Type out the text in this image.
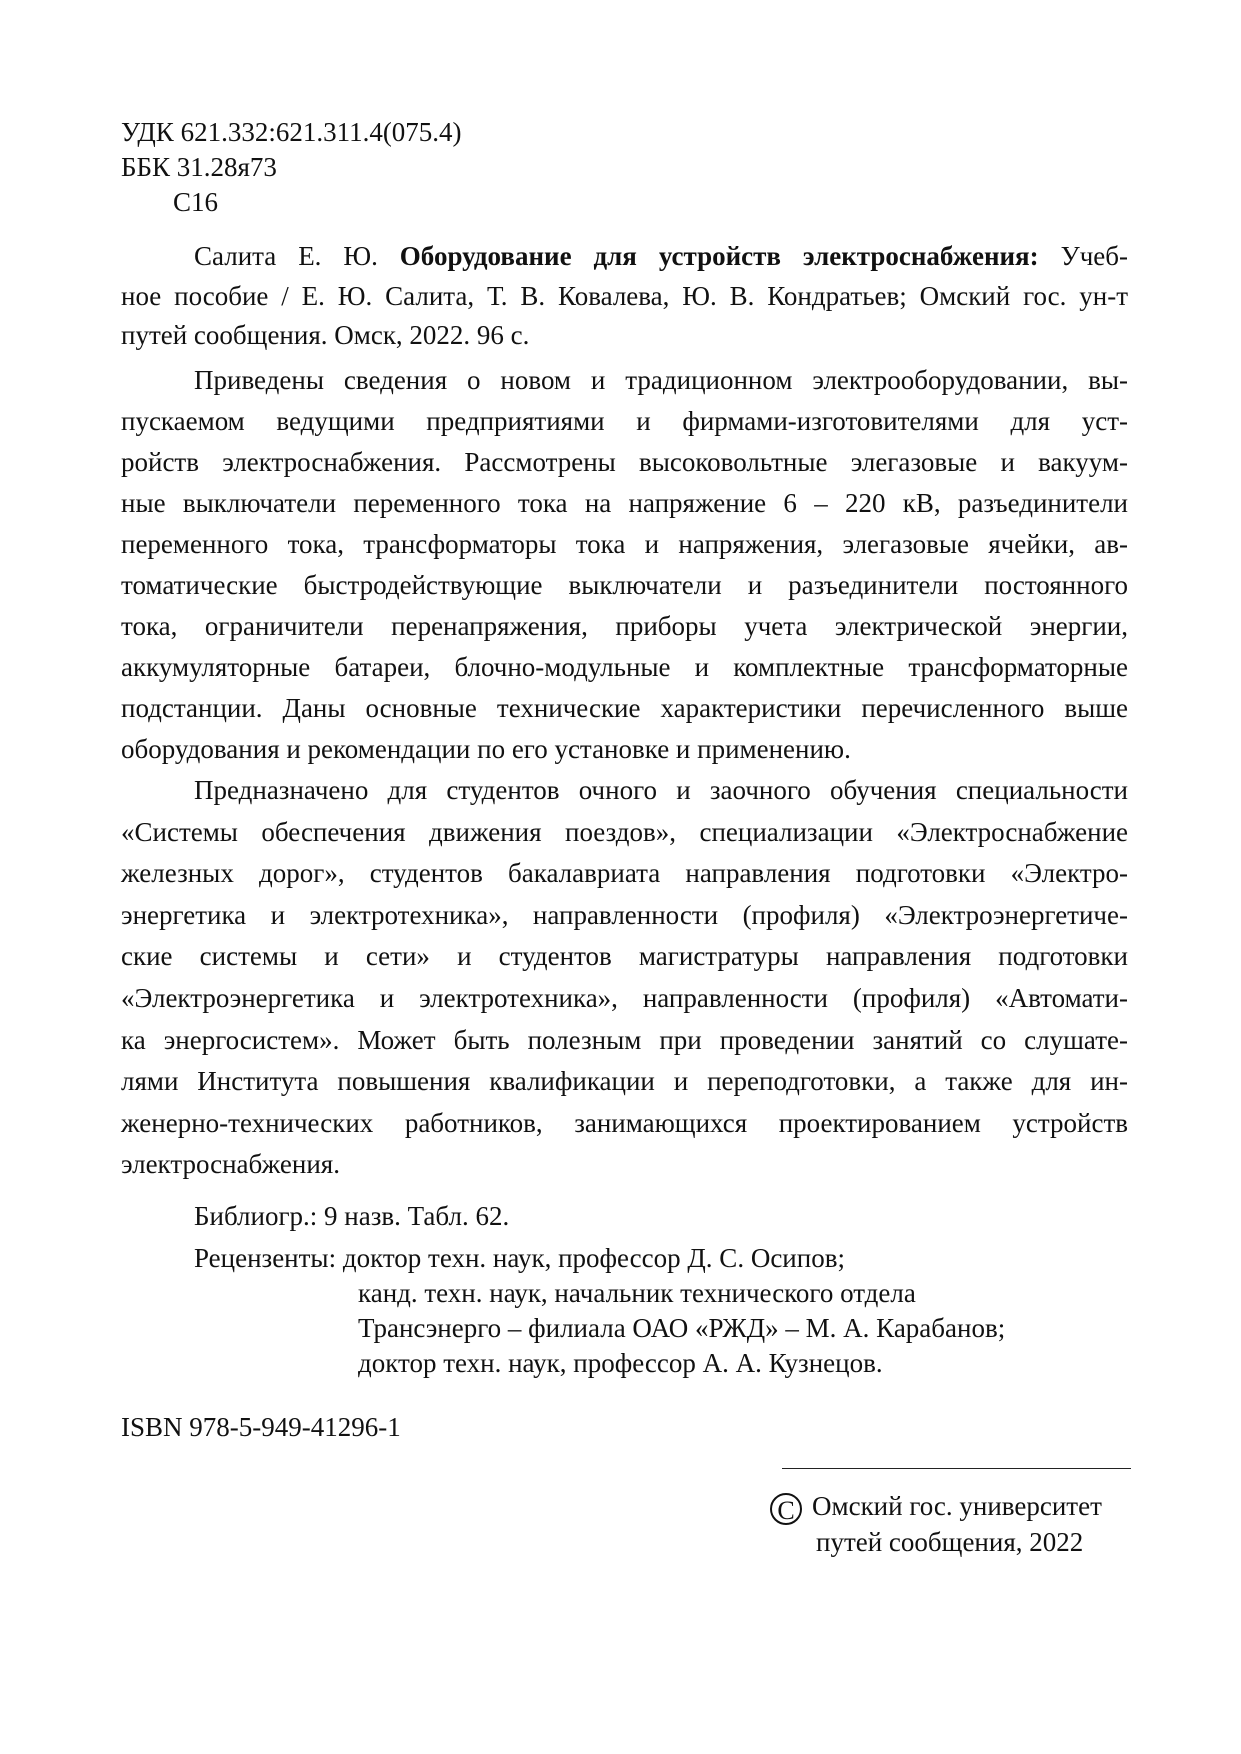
УДК 621.332:621.311.4(075.4)
ББК 31.28я73
С16
Салита Е. Ю. Оборудование для устройств электроснабжения: Учеб-
ное пособие / Е. Ю. Салита, Т. В. Ковалева, Ю. В. Кондратьев; Омский гос. ун-т
путей сообщения. Омск, 2022. 96 с.
Приведены сведения о новом и традиционном электрооборудовании, вы-
пускаемом ведущими предприятиями и фирмами-изготовителями для уст-
ройств электроснабжения. Рассмотрены высоковольтные элегазовые и вакуум-
ные выключатели переменного тока на напряжение 6 – 220 кВ, разъединители
переменного тока, трансформаторы тока и напряжения, элегазовые ячейки, ав-
томатические быстродействующие выключатели и разъединители постоянного
тока, ограничители перенапряжения, приборы учета электрической энергии,
аккумуляторные батареи, блочно-модульные и комплектные трансформаторные
подстанции. Даны основные технические характеристики перечисленного выше
оборудования и рекомендации по его установке и применению.
Предназначено для студентов очного и заочного обучения специальности
«Системы обеспечения движения поездов», специализации «Электроснабжение
железных дорог», студентов бакалавриата направления подготовки «Электро-
энергетика и электротехника», направленности (профиля) «Электроэнергетиче-
ские системы и сети» и студентов магистратуры направления подготовки
«Электроэнергетика и электротехника», направленности (профиля) «Автомати-
ка энергосистем». Может быть полезным при проведении занятий со слушате-
лями Института повышения квалификации и переподготовки, а также для ин-
женерно-технических работников, занимающихся проектированием устройств
электроснабжения.
Библиогр.: 9 назв. Табл. 62.
Рецензенты: доктор техн. наук, профессор Д. С. Осипов;
канд. техн. наук, начальник технического отдела
Трансэнерго – филиала ОАО «РЖД» – М. А. Карабанов;
доктор техн. наук, профессор А. А. Кузнецов.
ISBN 978-5-949-41296-1
C Омский гос. университет
путей сообщения, 2022
